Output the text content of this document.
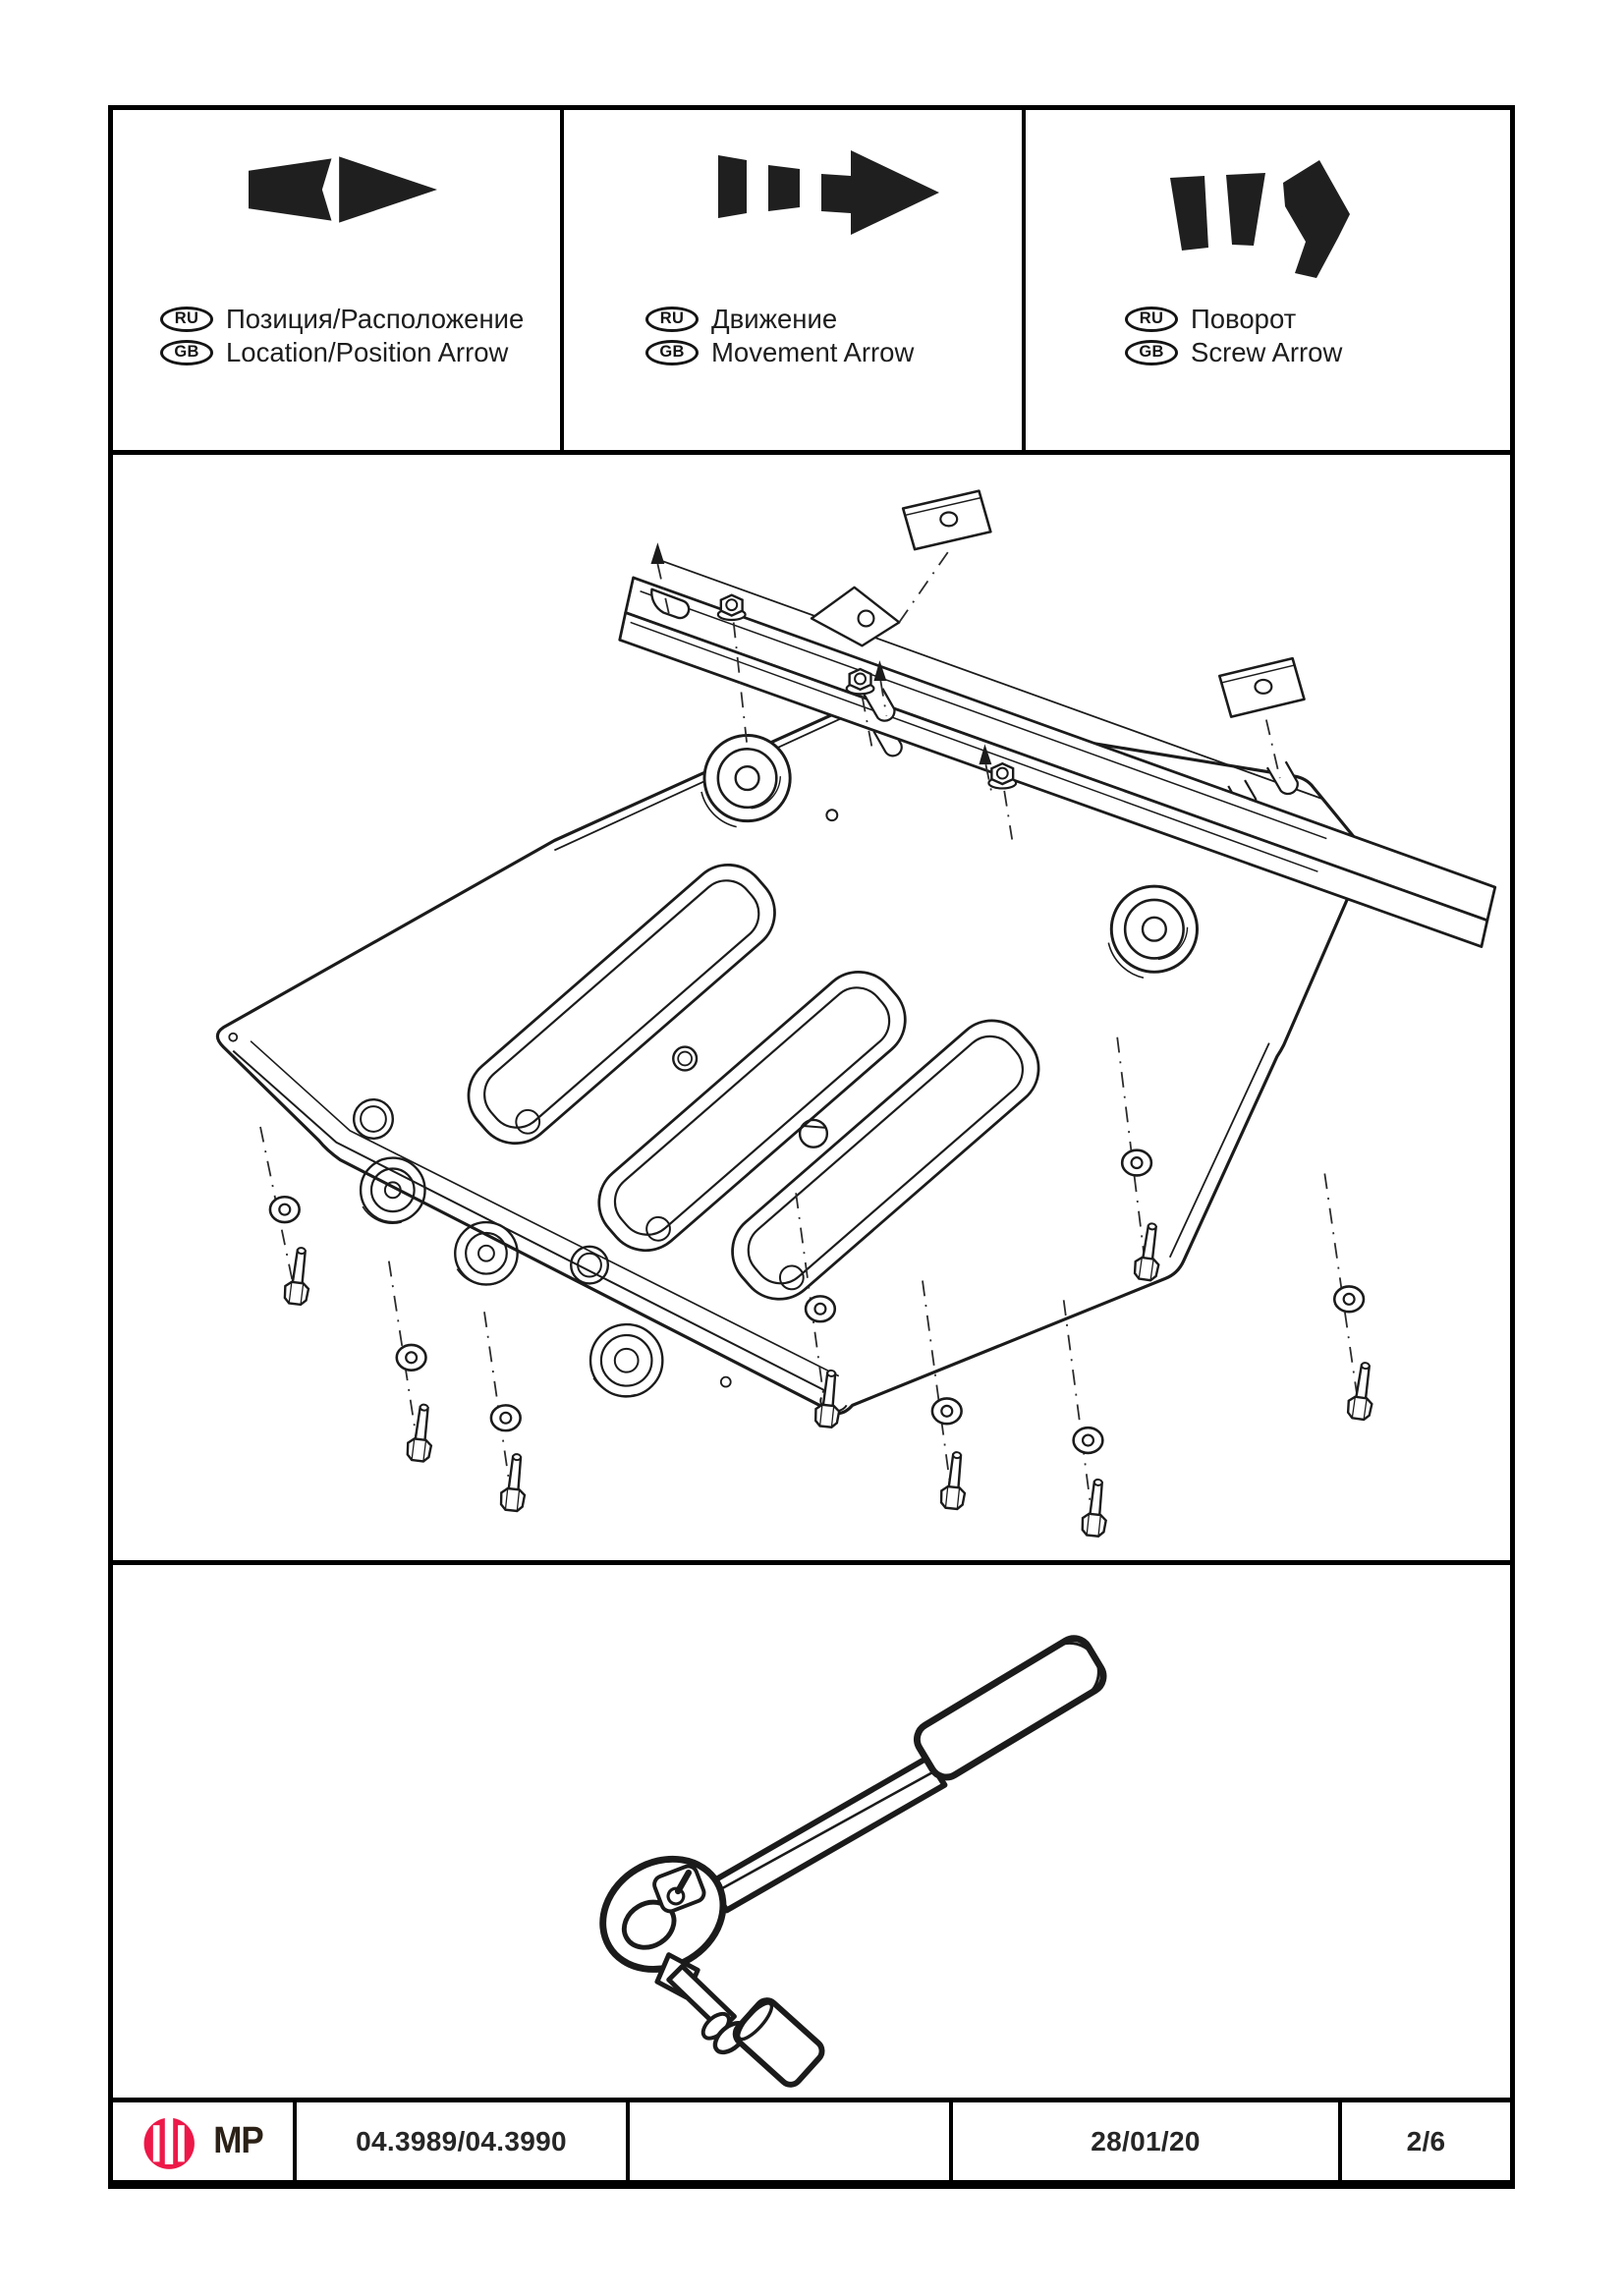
RU	Позиция/Расположение
GB Location/Position Arrow
RU	Движение
GB Movement Arrow
RU	Поворот
GB Screw Arrow
MP	04.3989/04.3990	28/01/20	2/6
